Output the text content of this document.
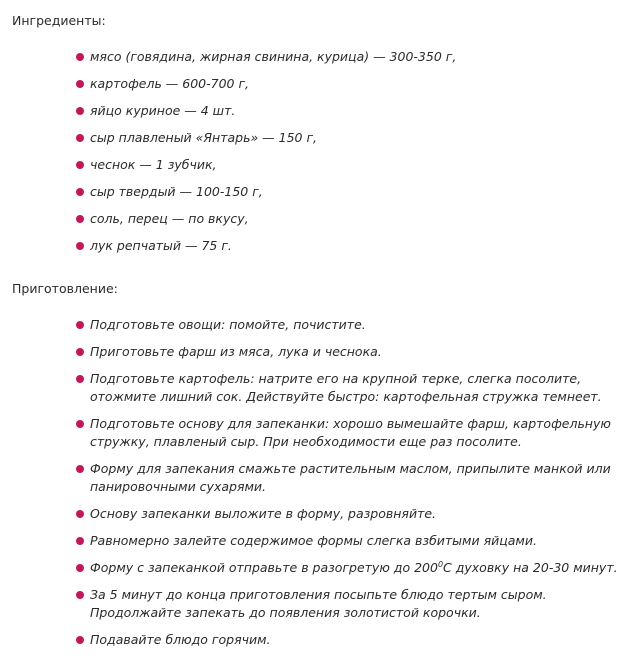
Ингредиенты:
мясо (говядина, жирная свинина, курица) — 300-350 г,
картофель — 600-700 г,
яйцо куриное — 4 шт.
сыр плавленый «Янтарь» — 150 г,
чеснок — 1 зубчик,
сыр твердый — 100-150 г,
соль, перец — по вкусу,
лук репчатый — 75 г.
Приготовление:
Подготовьте овощи: помойте, почистите.
Приготовьте фарш из мяса, лука и чеснока.
Подготовьте картофель: натрите его на крупной терке, слегка посолите, отожмите лишний сок. Действуйте быстро: картофельная стружка темнеет.
Подготовьте основу для запеканки: хорошо вымешайте фарш, картофельную стружку, плавленый сыр. При необходимости еще раз посолите.
Форму для запекания смажьте растительным маслом, припылите манкой или панировочными сухарями.
Основу запеканки выложите в форму, разровняйте.
Равномерно залейте содержимое формы слегка взбитыми яйцами.
Форму с запеканкой отправьте в разогретую до $200^0С$ духовку на 20-30 минут.
За 5 минут до конца приготовления посыпьте блюдо тертым сыром. Продолжайте запекать до появления золотистой корочки.
Подавайте блюдо горячим.
